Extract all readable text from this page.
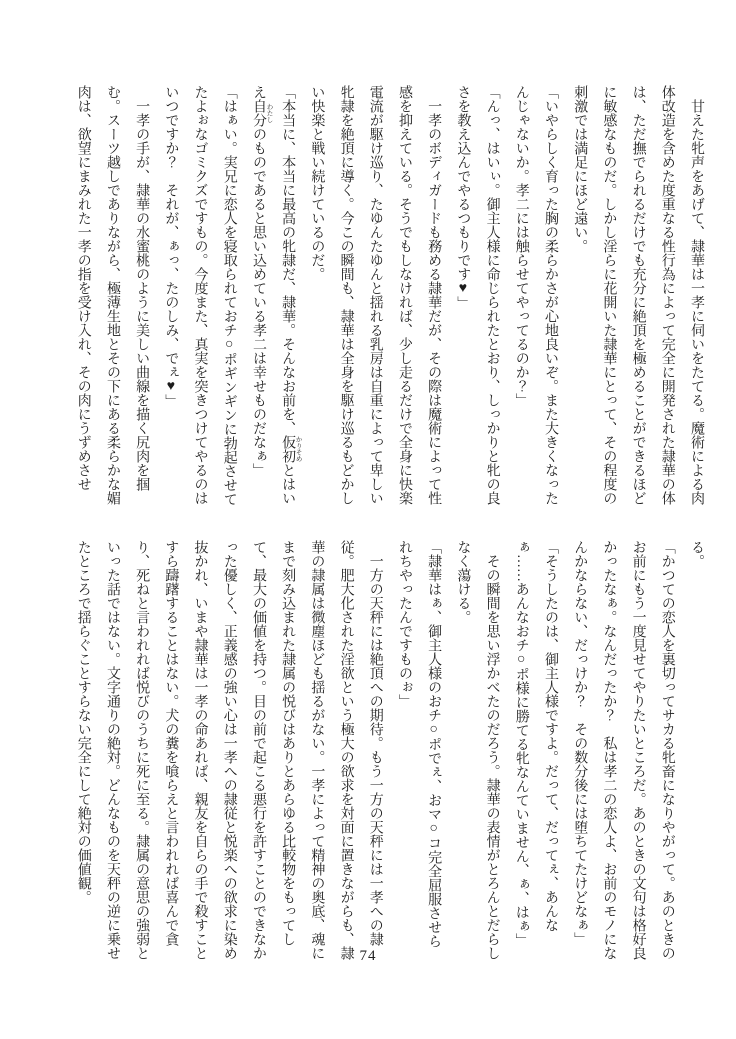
　甘えた牝声をあげて、隷華は一孝に伺いをたてる。魔術による肉体改造を含めた度重なる性行為によって完全に開発された隷華の体は、ただ撫でられるだけでも充分に絶頂を極めることができるほどに敏感なものだ。しかし淫らに花開いた隷華にとって、その程度の刺激では満足にほど遠い。

「いやらしく育った胸の柔らかさが心地良いぞ。また大きくなったんじゃないか。孝二には触らせてやってるのか？」

「んっ、はいぃ。御主人様に命じられたとおり、しっかりと牝の良さを教え込んでやるつもりです♥」

　一孝のボディガードも務める隷華だが、その際は魔術によって性感を抑えている。そうでもしなければ、少し走るだけで全身に快楽電流が駆け巡り、たゆんたゆんと揺れる乳房は自重によって卑しい牝隷を絶頂に導く。今この瞬間も、隷華は全身を駆け巡るもどかしい快楽と戦い続けているのだ。

「本当に、本当に最高の牝隷だ、隷華。そんなお前を、仮初 かりそめとはいえ自分 わたしのものであると思い込めている孝二は幸せものだなぁ」

「はぁい。実兄に恋人を寝取られておチ○ポギンギンに勃起させてたよぉなゴミクズですもの。今度また、真実を突きつけてやるのはいつですか？　それが、ぁっ、たのしみ、でぇ♥」

　一孝の手が、隷華の水蜜桃のように美しい曲線を描く尻肉を掴む。スーツ越しでありながら、極薄生地とその下にある柔らかな媚肉は、欲望にまみれた一孝の指を受け入れ、その肉にうずめさせ

る。

「かつての恋人を裏切ってサカる牝畜になりやがって。あのときのお前にもう一度見せてやりたいところだ。あのときの文句は格好良かったなぁ。なんだったか？　私は孝二の恋人よ、お前のモノになんかならない、だっけか？　その数分後には堕ちてたけどなぁ」

「そうしたのは、御主人様ですよ。だって、だってぇ、あんなぁ……あんなおチ○ポ様に勝てる牝なんていません、ぁ、はぁ」

　その瞬間を思い浮かべたのだろう。隷華の表情がとろんとだらしなく蕩ける。

「隷華はぁ、御主人様のおチ○ポでぇ、おマ○コ完全屈服させられちやったんですものぉ」

　一方の天秤には絶頂への期待。もう一方の天秤には一孝への隷従。肥大化された淫欲という極大の欲求を対面に置きながらも、隷華の隷属は微塵ほども揺るがない。一孝によって精神の奥底、魂にまで刻み込まれた隷属の悦びはありとあらゆる比較物をもってして、最大の価値を持つ。目の前で起こる悪行を許すことのできなかった優しく、正義感の強い心は一孝への隷従と悦楽への欲求に染め抜かれ、いまや隷華は一孝の命あれば、親友を自らの手で殺すことすら躊躇することはない。犬の糞を喰らえと言われれば喜んで貪り、死ねと言われれば悦びのうちに死に至る。隷属の意思の強弱といった話ではない。文字通りの絶対。どんなものを天秤の逆に乗せたところで揺らぐことすらない完全にして絶対の価値観。

74
